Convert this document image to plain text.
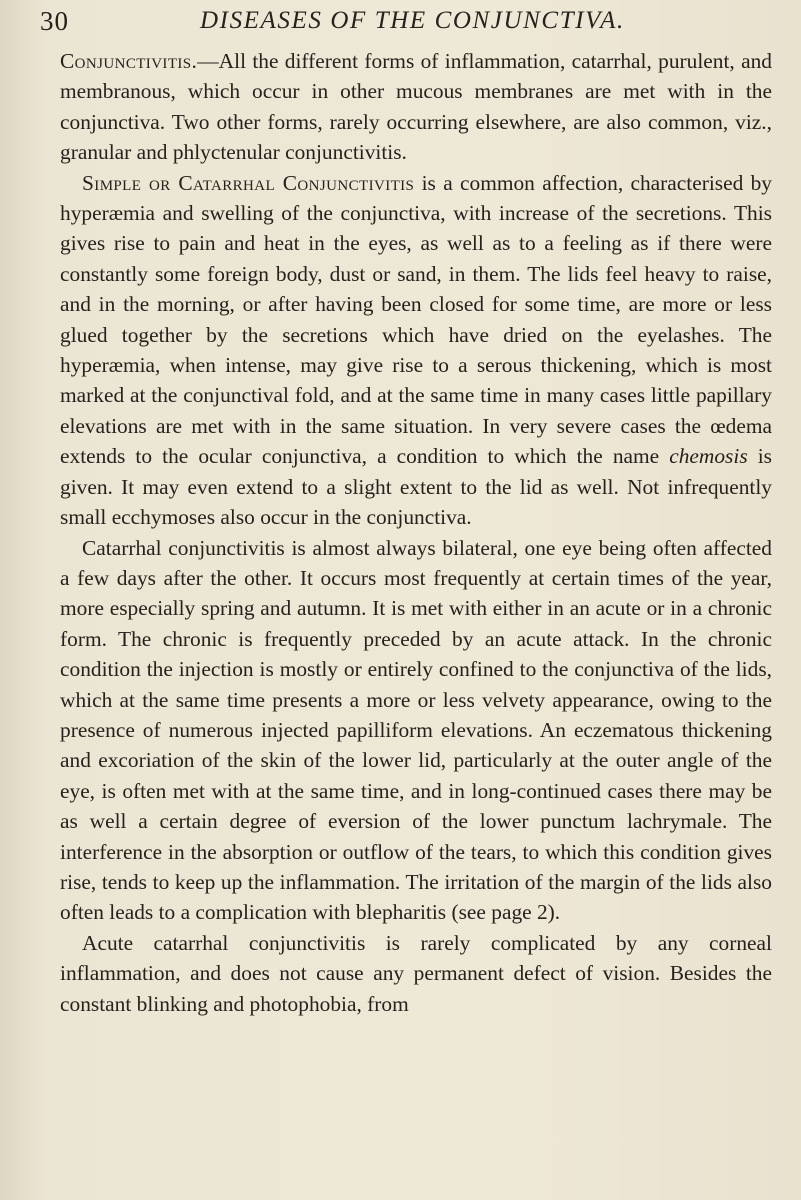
30	DISEASES OF THE CONJUNCTIVA.

Conjunctivitis.—All the different forms of inflammation, catarrhal, purulent, and membranous, which occur in other mucous membranes are met with in the conjunctiva. Two other forms, rarely occurring elsewhere, are also common, viz., granular and phlyctenular conjunctivitis.

Simple or Catarrhal Conjunctivitis is a common affection, characterised by hyperæmia and swelling of the conjunctiva, with increase of the secretions. This gives rise to pain and heat in the eyes, as well as to a feeling as if there were constantly some foreign body, dust or sand, in them. The lids feel heavy to raise, and in the morning, or after having been closed for some time, are more or less glued together by the secretions which have dried on the eyelashes. The hyperæmia, when intense, may give rise to a serous thickening, which is most marked at the conjunctival fold, and at the same time in many cases little papillary elevations are met with in the same situation. In very severe cases the œdema extends to the ocular conjunctiva, a condition to which the name chemosis is given. It may even extend to a slight extent to the lid as well. Not infrequently small ecchymoses also occur in the conjunctiva.

Catarrhal conjunctivitis is almost always bilateral, one eye being often affected a few days after the other. It occurs most frequently at certain times of the year, more especially spring and autumn. It is met with either in an acute or in a chronic form. The chronic is frequently preceded by an acute attack. In the chronic condition the injection is mostly or entirely confined to the conjunctiva of the lids, which at the same time presents a more or less velvety appearance, owing to the presence of numerous injected papilliform elevations. An eczematous thickening and excoriation of the skin of the lower lid, particularly at the outer angle of the eye, is often met with at the same time, and in long-continued cases there may be as well a certain degree of eversion of the lower punctum lachrymale. The interference in the absorption or outflow of the tears, to which this condition gives rise, tends to keep up the inflammation. The irritation of the margin of the lids also often leads to a complication with blepharitis (see page 2).

Acute catarrhal conjunctivitis is rarely complicated by any corneal inflammation, and does not cause any permanent defect of vision. Besides the constant blinking and photophobia, from
